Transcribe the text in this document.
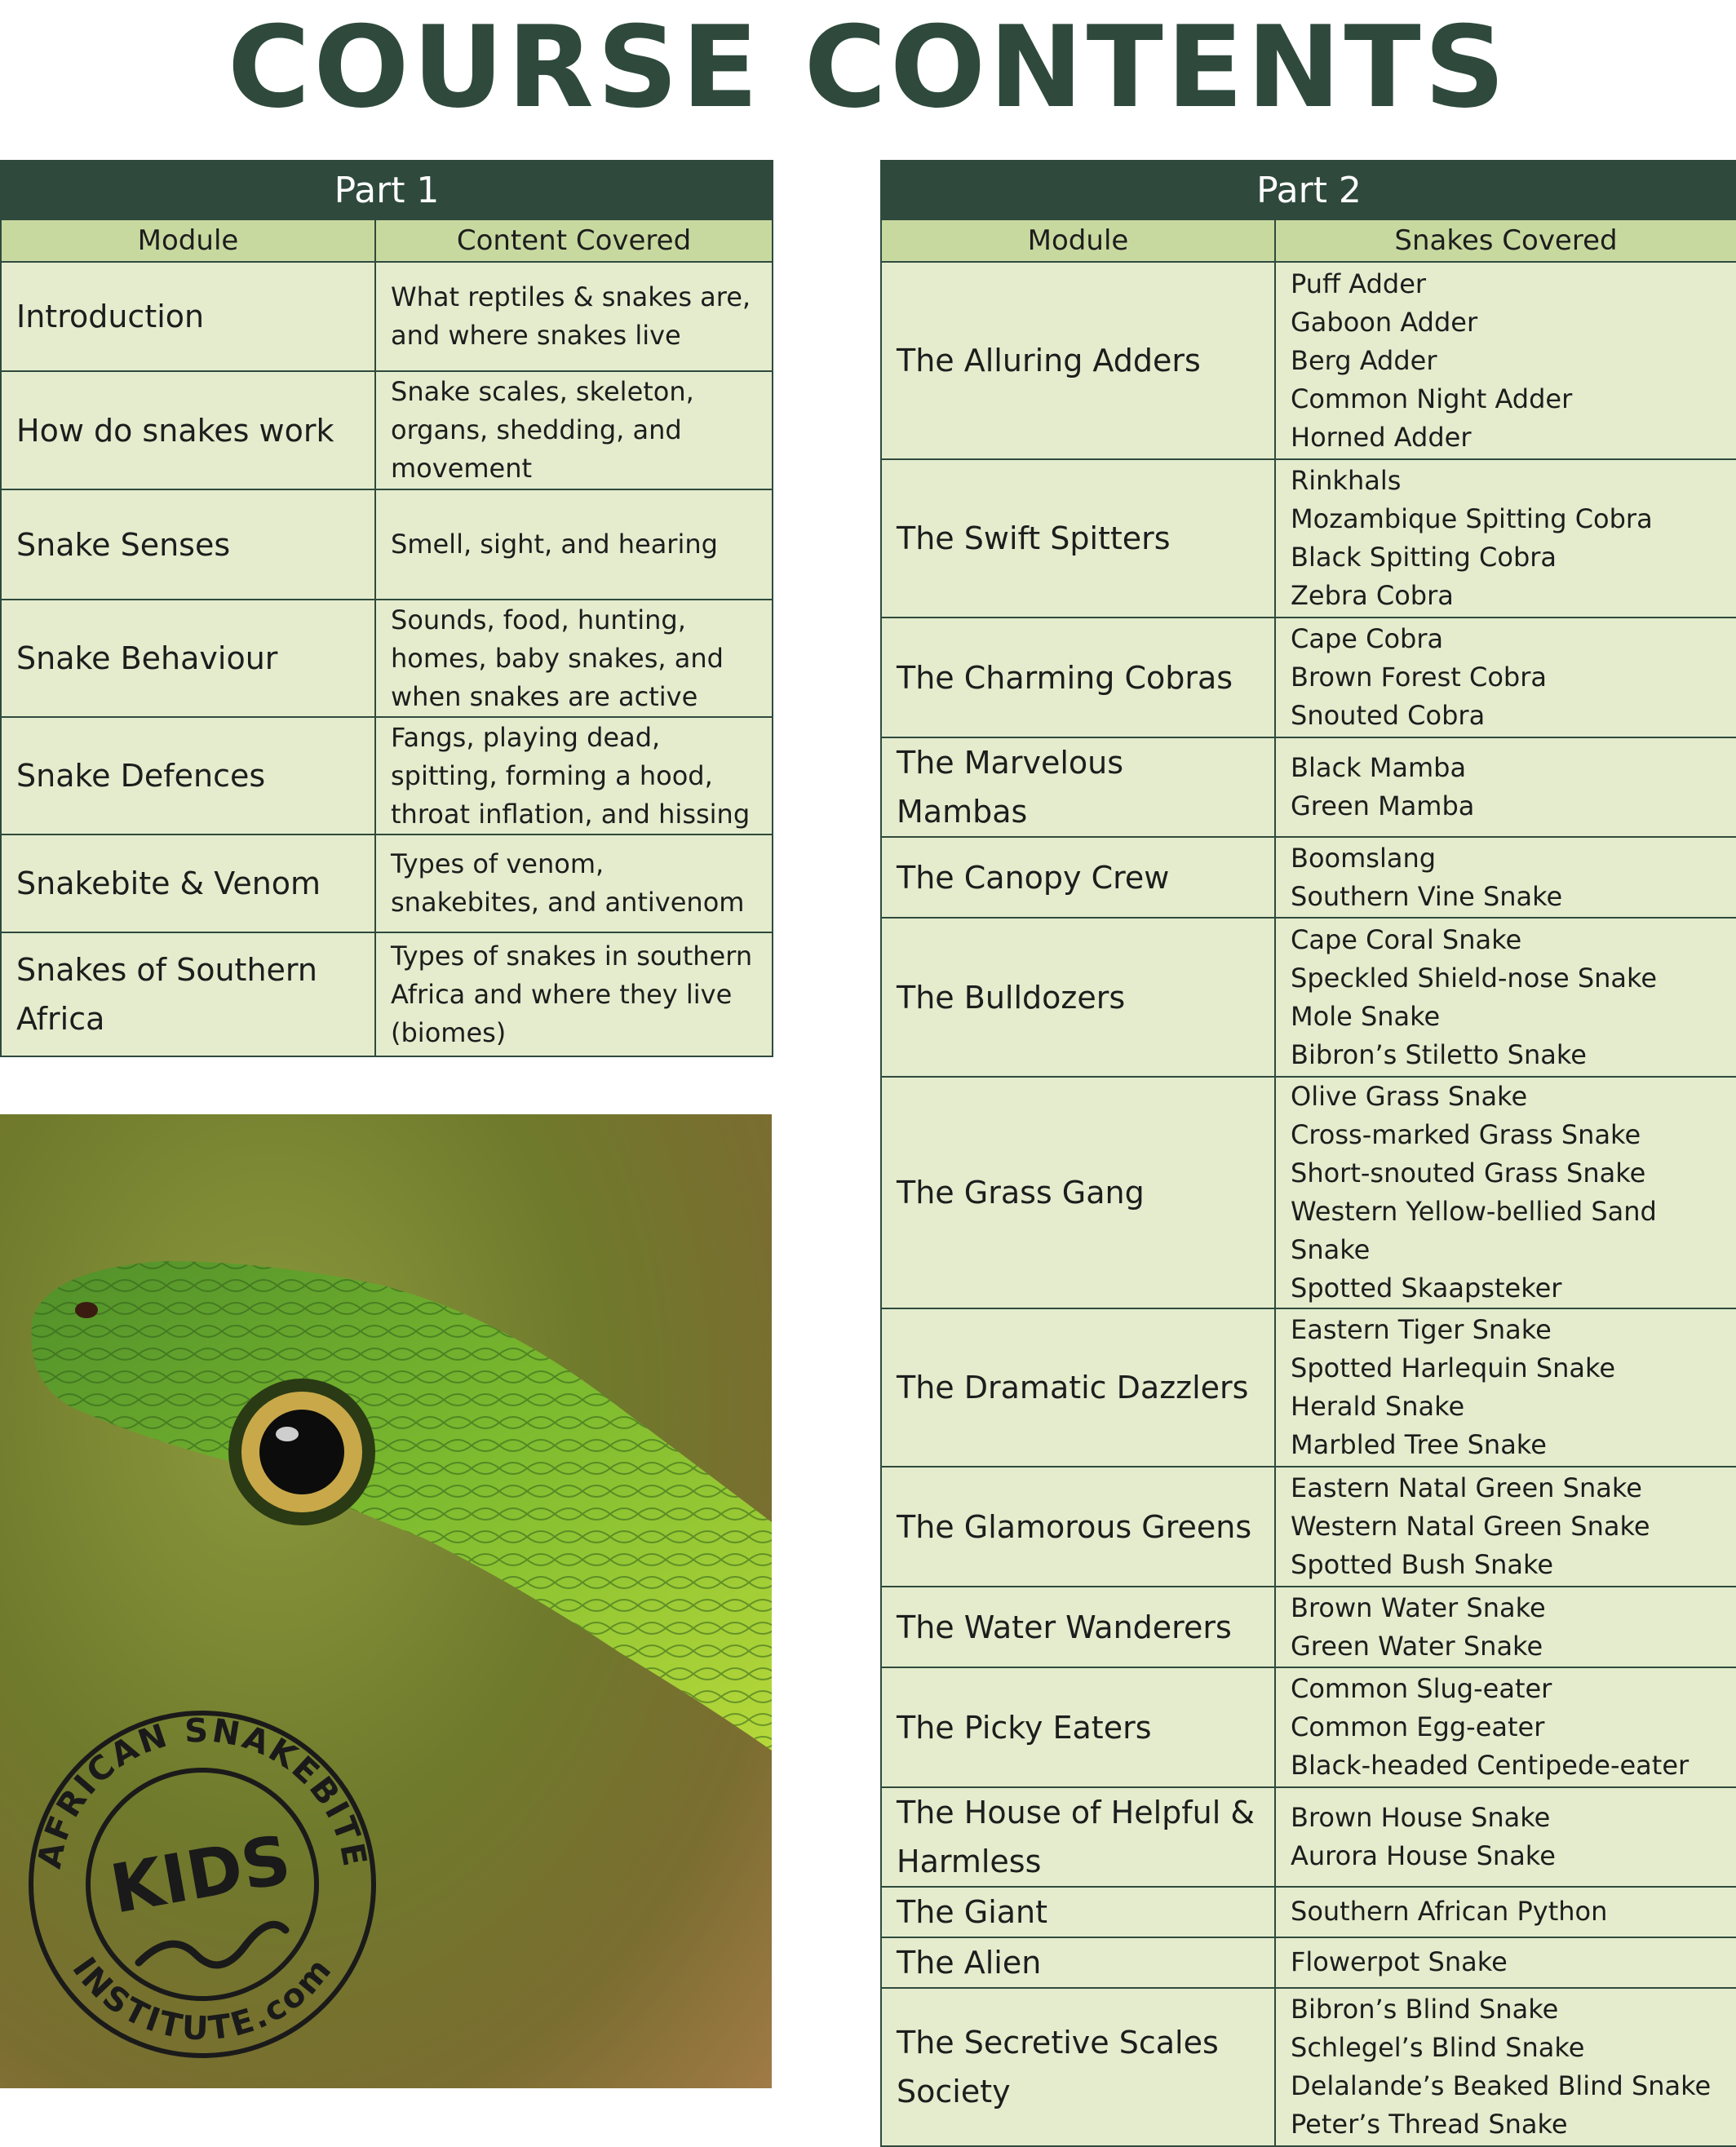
COURSE CONTENTS
Part 1	
Module	Content Covered
Introduction	What reptiles & snakes are, and where snakes live
How do snakes work	Snake scales, skeleton, organs, shedding, and movement
Snake Senses	Smell, sight, and hearing
Snake Behaviour	Sounds, food, hunting, homes, baby snakes, and when snakes are active
Snake Defences	Fangs, playing dead, spitting, forming a hood, throat inflation, and hissing
Snakebite & Venom	Types of venom, snakebites, and antivenom
Snakes of Southern Africa	Types of snakes in southern Africa and where they live (biomes)
Part 2	
Module	Snakes Covered
The Alluring Adders	Puff Adder
Gaboon Adder
Berg Adder
Common Night Adder
Horned Adder

The Swift Spitters	Rinkhals
Mozambique Spitting Cobra
Black Spitting Cobra
Zebra Cobra

The Charming Cobras	Cape Cobra
Brown Forest Cobra
Snouted Cobra

The Marvelous Mambas	Black Mamba
Green Mamba

The Canopy Crew	Boomslang
Southern Vine Snake

The Bulldozers	Cape Coral Snake
Speckled Shield-nose Snake
Mole Snake
Bibron’s Stiletto Snake

The Grass Gang	Olive Grass Snake
Cross-marked Grass Snake
Short-snouted Grass Snake
Western Yellow-bellied Sand Snake
Spotted Skaapsteker

The Dramatic Dazzlers	Eastern Tiger Snake
Spotted Harlequin Snake
Herald Snake
Marbled Tree Snake

The Glamorous Greens	Eastern Natal Green Snake
Western Natal Green Snake
Spotted Bush Snake

The Water Wanderers	Brown Water Snake
Green Water Snake

The Picky Eaters	Common Slug-eater
Common Egg-eater
Black-headed Centipede-eater

The House of Helpful & Harmless	Brown House Snake
Aurora House Snake

The Giant	Southern African Python

The Alien	Flowerpot Snake

The Secretive Scales Society	Bibron’s Blind Snake
Schlegel’s Blind Snake
Delalande’s Beaked Blind Snake
Peter’s Thread Snake
AFRICAN SNAKEBITE
KIDS
INSTITUTE.com
